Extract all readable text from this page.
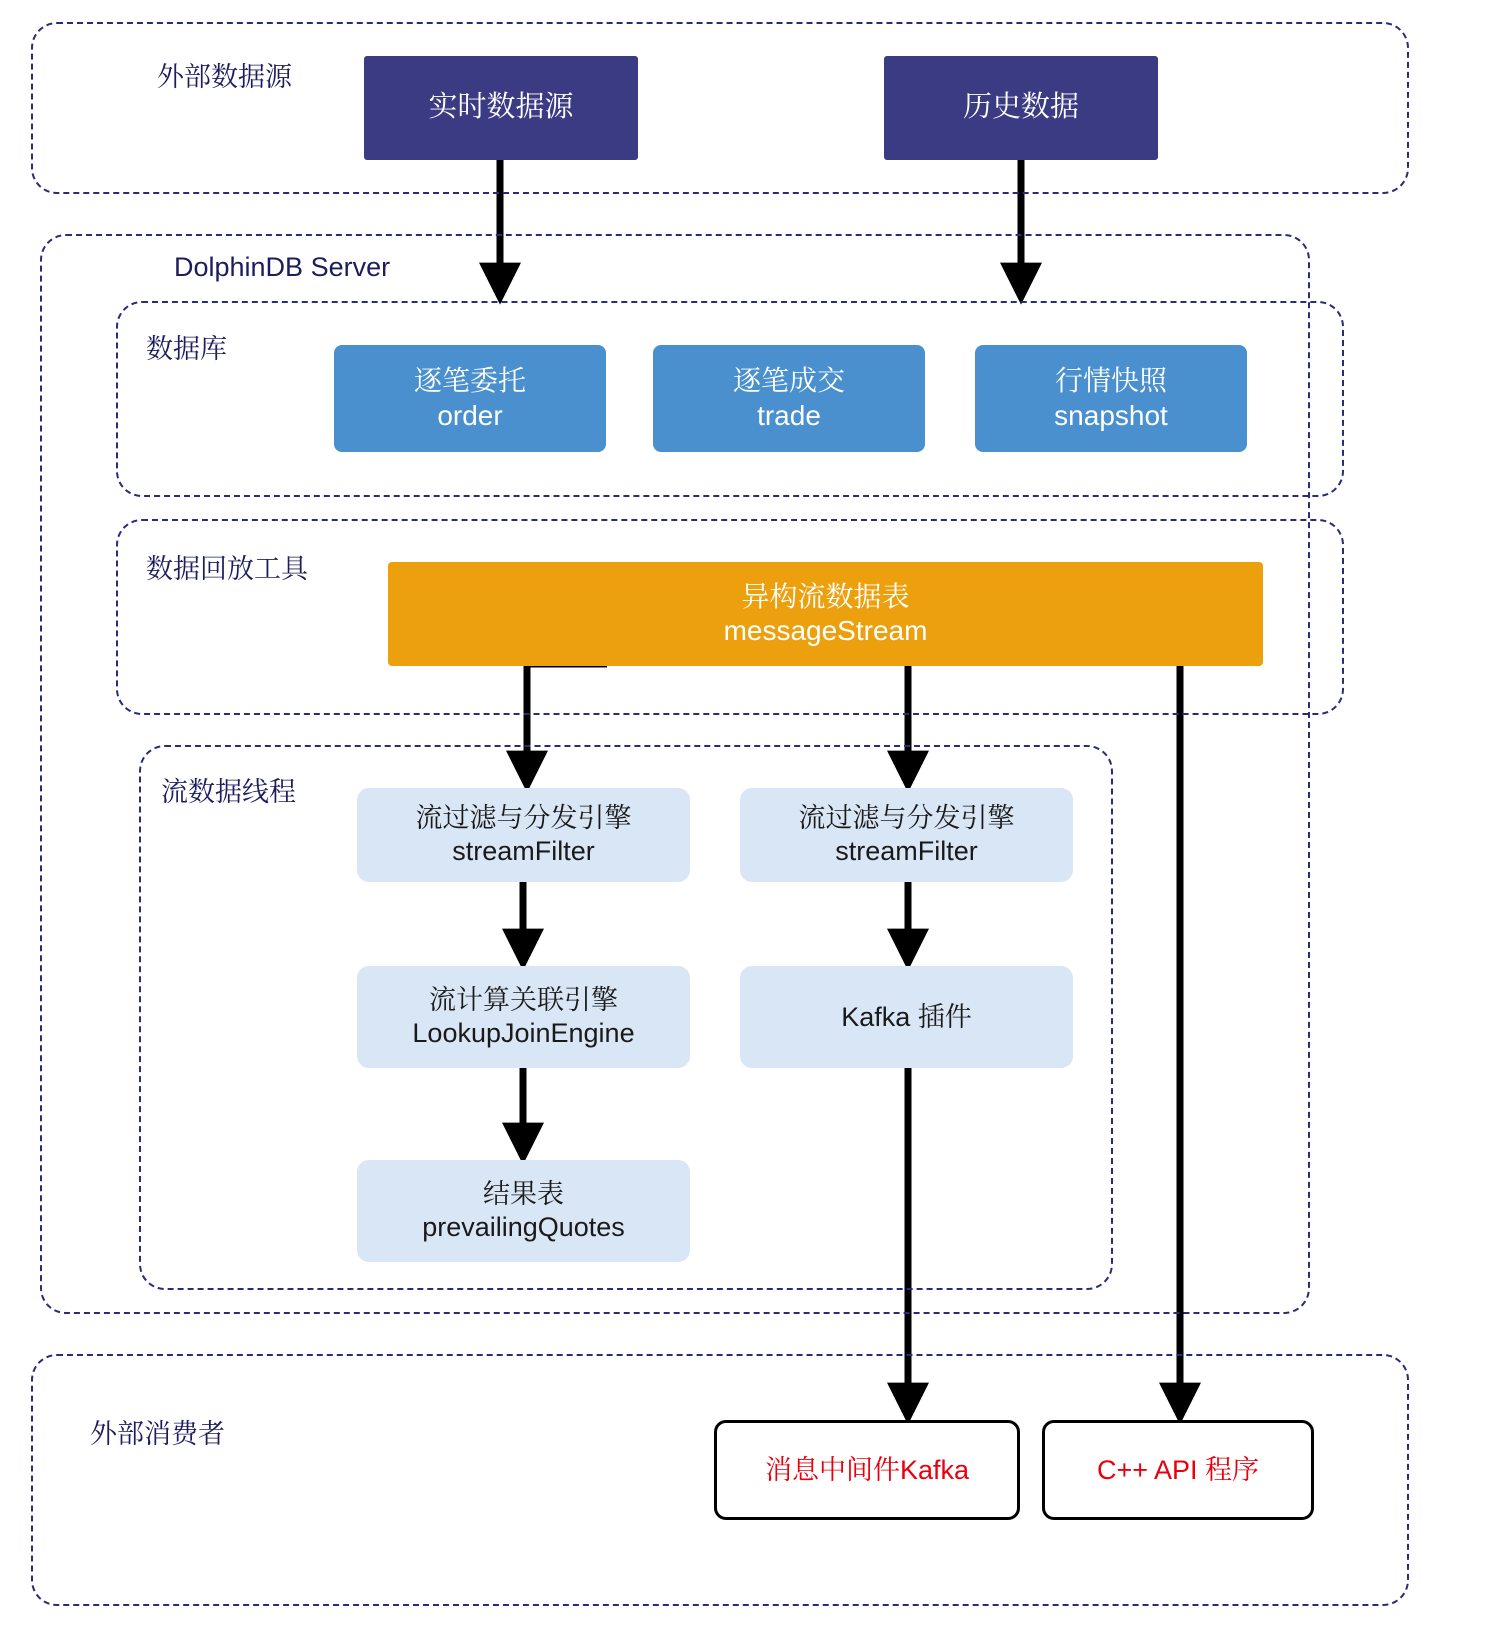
外部数据源
DolphinDB Server
数据库
数据回放工具
流数据线程
外部消费者
实时数据源	历史数据
逐笔委托
order
逐笔成交
trade
行情快照
snapshot
异构流数据表
messageStream
流过滤与分发引擎
streamFilter
流过滤与分发引擎
streamFilter
流计算关联引擎
LookupJoinEngine
Kafka 插件
结果表
prevailingQuotes
消息中间件Kafka	C++ API 程序
